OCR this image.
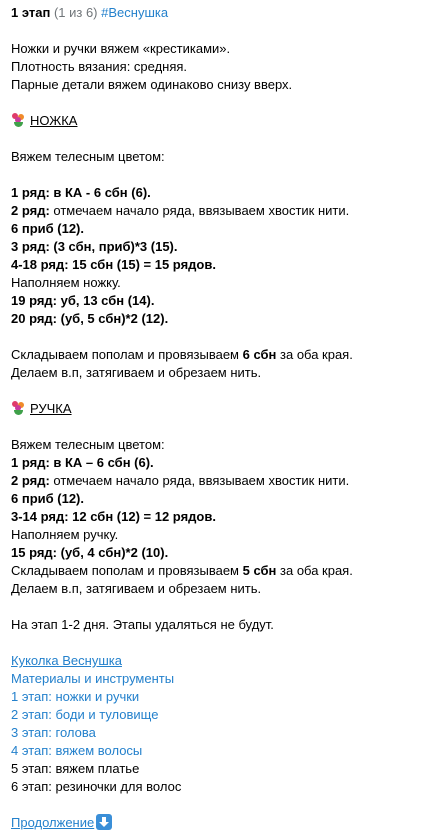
1 этап (1 из 6) #Веснушка
Ножки и ручки вяжем «крестиками».
Плотность вязания: средняя.
Парные детали вяжем одинаково снизу вверх.
НОЖКА
Вяжем телесным цветом:
1 ряд: в КА - 6 сбн (6).
2 ряд: отмечаем начало ряда, ввязываем хвостик нити.
6 приб (12).
3 ряд: (3 сбн, приб)*3 (15).
4-18 ряд: 15 сбн (15) = 15 рядов.
Наполняем ножку.
19 ряд: уб, 13 сбн (14).
20 ряд: (уб, 5 сбн)*2 (12).
Складываем пополам и провязываем 6 сбн за оба края.
Делаем в.п, затягиваем и обрезаем нить.
РУЧКА
Вяжем телесным цветом:
1 ряд: в КА – 6 сбн (6).
2 ряд: отмечаем начало ряда, ввязываем хвостик нити.
6 приб (12).
3-14 ряд: 12 сбн (12) = 12 рядов.
Наполняем ручку.
15 ряд: (уб, 4 сбн)*2 (10).
Складываем пополам и провязываем 5 сбн за оба края.
Делаем в.п, затягиваем и обрезаем нить.
На этап 1-2 дня. Этапы удаляться не будут.
Куколка Веснушка
Материалы и инструменты
1 этап: ножки и ручки
2 этап: боди и туловище
3 этап: голова
4 этап: вяжем волосы
5 этап: вяжем платье
6 этап: резиночки для волос
Продолжение
